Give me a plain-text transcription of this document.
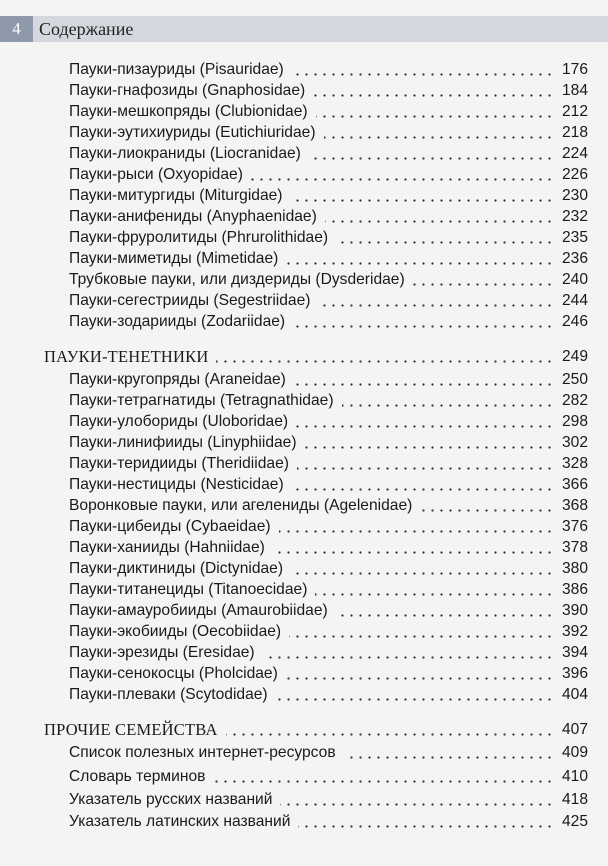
4	Содержание
Пауки-пизауриды (Pisauridae)	176
Пауки-гнафозиды (Gnaphosidae)	184
Пауки-мешкопряды (Clubionidae)	212
Пауки-эутихиуриды (Eutichiuridae)	218
Пауки-лиокраниды (Liocranidae)	224
Пауки-рыси (Oxyopidae)	226
Пауки-митургиды (Miturgidae)	230
Пауки-анифениды (Anyphaenidae)	232
Пауки-фруролитиды (Phrurolithidae)	235
Пауки-миметиды (Mimetidae)	236
Трубковые пауки, или диздериды (Dysderidae)	240
Пауки-сегестрииды (Segestriidae)	244
Пауки-зодарииды (Zodariidae)	246
ПАУКИ-ТЕНЕТНИКИ	249
Пауки-кругопряды (Araneidae)	250
Пауки-тетрагнатиды (Tetragnathidae)	282
Пауки-улобориды (Uloboridae)	298
Пауки-линифииды (Linyphiidae)	302
Пауки-теридииды (Theridiidae)	328
Пауки-нестициды (Nesticidae)	366
Воронковые пауки, или агелениды (Agelenidae)	368
Пауки-цибеиды (Cybaeidae)	376
Пауки-ханииды (Hahniidae)	378
Пауки-диктиниды (Dictynidae)	380
Пауки-титанециды (Titanoecidae)	386
Пауки-амауробииды (Amaurobiidae)	390
Пауки-экобииды (Oecobiidae)	392
Пауки-эрезиды (Eresidae)	394
Пауки-сенокосцы (Pholcidae)	396
Пауки-плеваки (Scytodidae)	404
ПРОЧИЕ СЕМЕЙСТВА	407
Список полезных интернет-ресурсов	409
Словарь терминов	410
Указатель русских названий	418
Указатель латинских названий	425
